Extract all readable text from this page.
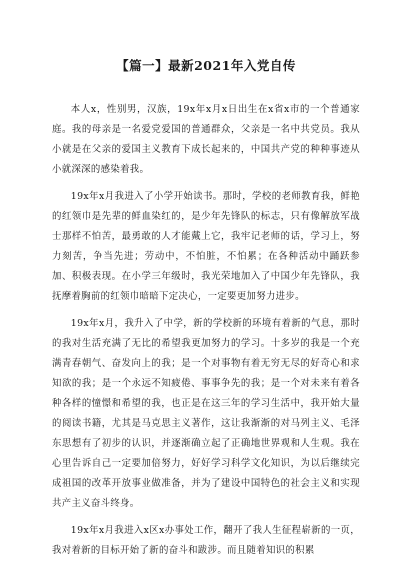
【篇一】最新2021年入党自传

本人x，性别男，汉族，19x年x月x日出生在x省x市的一个普通家庭。我的母亲是一名爱党爱国的普通群众，父亲是一名中共党员。我从小就是在父亲的爱国主义教育下成长起来的，中国共产党的种种事迹从小就深深的感染着我。

19x年x月我进入了小学开始读书。那时，学校的老师教育我，鲜艳的红领巾是先辈的鲜血染红的，是少年先锋队的标志，只有像解放军战士那样不怕苦，最勇敢的人才能戴上它，我牢记老师的话，学习上，努力刻苦，争当先进；劳动中，不怕脏，不怕累；在各种活动中踊跃参加、积极表现。在小学三年级时，我光荣地加入了中国少年先锋队，我抚摩着胸前的红领巾暗暗下定决心，一定要更加努力进步。

19x年x月，我升入了中学，新的学校新的环境有着新的气息，那时的我对生活充满了无比的希望我更加努力的学习。十多岁的我是一个充满青春朝气、奋发向上的我；是一个对事物有着无穷无尽的好奇心和求知欲的我；是一个永远不知疲倦、事事争先的我；是一个对未来有着各种各样的憧憬和希望的我，也正是在这三年的学习生活中，我开始大量的阅读书籍，尤其是马克思主义著作，这让我渐渐的对马列主义、毛泽东思想有了初步的认识，并逐渐确立起了正确地世界观和人生观。我在心里告诉自己一定要加倍努力，好好学习科学文化知识，为以后继续完成祖国的改革开放事业做准备，并为了建设中国特色的社会主义和实现共产主义奋斗终身。

19x年x月我进入x区x办事处工作，翻开了我人生征程崭新的一页，我对着新的目标开始了新的奋斗和跋涉。而且随着知识的积累
